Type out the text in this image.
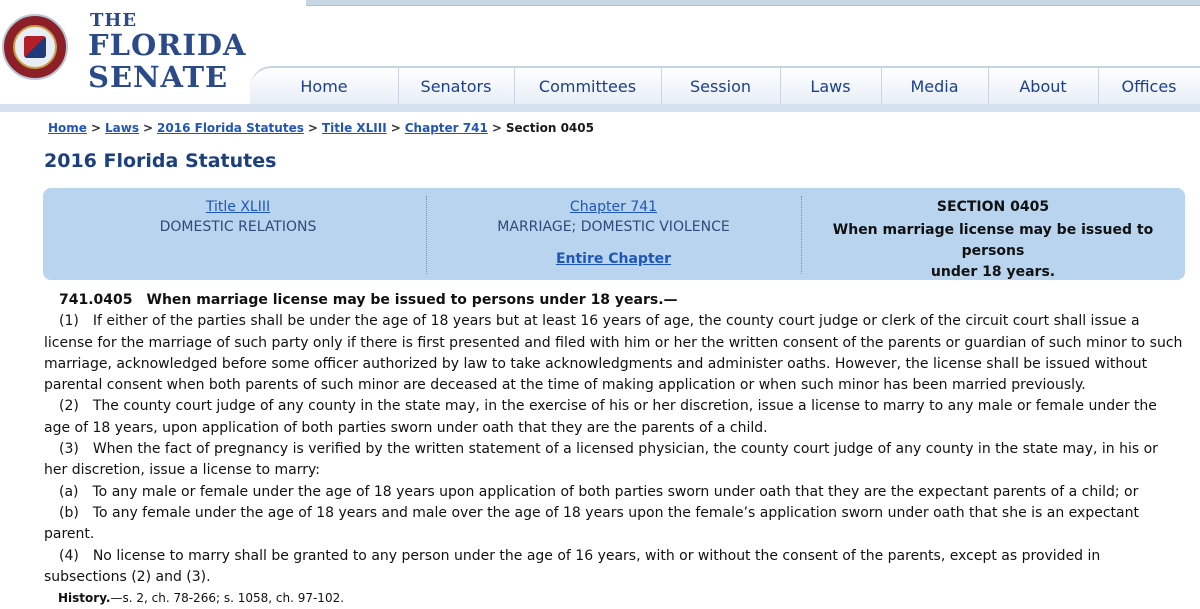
THE
FLORIDA
SENATE	Home	Senators	Committees	Session	Laws	Media	About	Offices
Home > Laws > 2016 Florida Statutes > Title XLIII > Chapter 741 > Section 0405
2016 Florida Statutes
Title XLIII
DOMESTIC RELATIONS
Chapter 741
MARRIAGE; DOMESTIC VIOLENCE
Entire Chapter
SECTION 0405
When marriage license may be issued to persons
under 18 years.

741.0405 When marriage license may be issued to persons under 18 years.—

(1) If either of the parties shall be under the age of 18 years but at least 16 years of age, the county court judge or clerk of the circuit court shall issue a license for the marriage of such party only if there is first presented and filed with him or her the written consent of the parents or guardian of such minor to such marriage, acknowledged before some officer authorized by law to take acknowledgments and administer oaths. However, the license shall be issued without parental consent when both parents of such minor are deceased at the time of making application or when such minor has been married previously.

(2) The county court judge of any county in the state may, in the exercise of his or her discretion, issue a license to marry to any male or female under the age of 18 years, upon application of both parties sworn under oath that they are the parents of a child.

(3) When the fact of pregnancy is verified by the written statement of a licensed physician, the county court judge of any county in the state may, in his or her discretion, issue a license to marry:

(a) To any male or female under the age of 18 years upon application of both parties sworn under oath that they are the expectant parents of a child; or

(b) To any female under the age of 18 years and male over the age of 18 years upon the female’s application sworn under oath that she is an expectant parent.

(4) No license to marry shall be granted to any person under the age of 16 years, with or without the consent of the parents, except as provided in subsections (2) and (3).

History.—s. 2, ch. 78-266; s. 1058, ch. 97-102.
